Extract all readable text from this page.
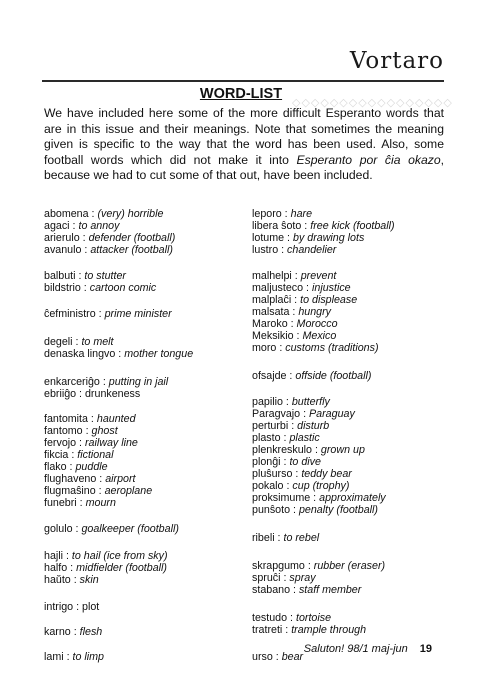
◇◇◇◇◇◇◇◇◇◇◇◇◇◇◇◇◇
Vortaro
WORD-LIST
We have included here some of the more difficult Esperanto words that are in this issue and their meanings. Note that sometimes the meaning given is specific to the way that the word has been used. Also, some football words which did not make it into Esperanto por ĉia okazo, because we had to cut some of that out, have been included.
abomena : (very) horrible
agaci : to annoy
arierulo : defender (football)
avanulo : attacker (football)
balbuti : to stutter
bildstrio : cartoon comic
ĉefministro : prime minister
degeli : to melt
denaska lingvo : mother tongue
enkarceriĝo : putting in jail
ebriiĝo : drunkeness
fantomita : haunted
fantomo : ghost
fervojo : railway line
fikcia : fictional
flako : puddle
flughaveno : airport
flugmaŝino : aeroplane
funebri : mourn
golulo : goalkeeper (football)
hajli : to hail (ice from sky)
halfo : midfielder (football)
haŭto : skin
intrigo : plot
karno : flesh
lami : to limp
leporo : hare
libera ŝoto : free kick (football)
lotume : by drawing lots
lustro : chandelier
malhelpi : prevent
maljusteco : injustice
malplaĉi : to displease
malsata : hungry
Maroko : Morocco
Meksikio : Mexico
moro : customs (traditions)
ofsajde : offside (football)
papilio : butterfly
Paragvajo : Paraguay
perturbi : disturb
plasto : plastic
plenkreskulo : grown up
plonĝi : to dive
pluŝurso : teddy bear
pokalo : cup (trophy)
proksimume : approximately
punŝoto : penalty (football)
ribeli : to rebel
skrapgumo : rubber (eraser)
spruĉi : spray
stabano : staff member
testudo : tortoise
tratreti : trample through
urso : bear
Saluton! 98/1 maj-jun 19
